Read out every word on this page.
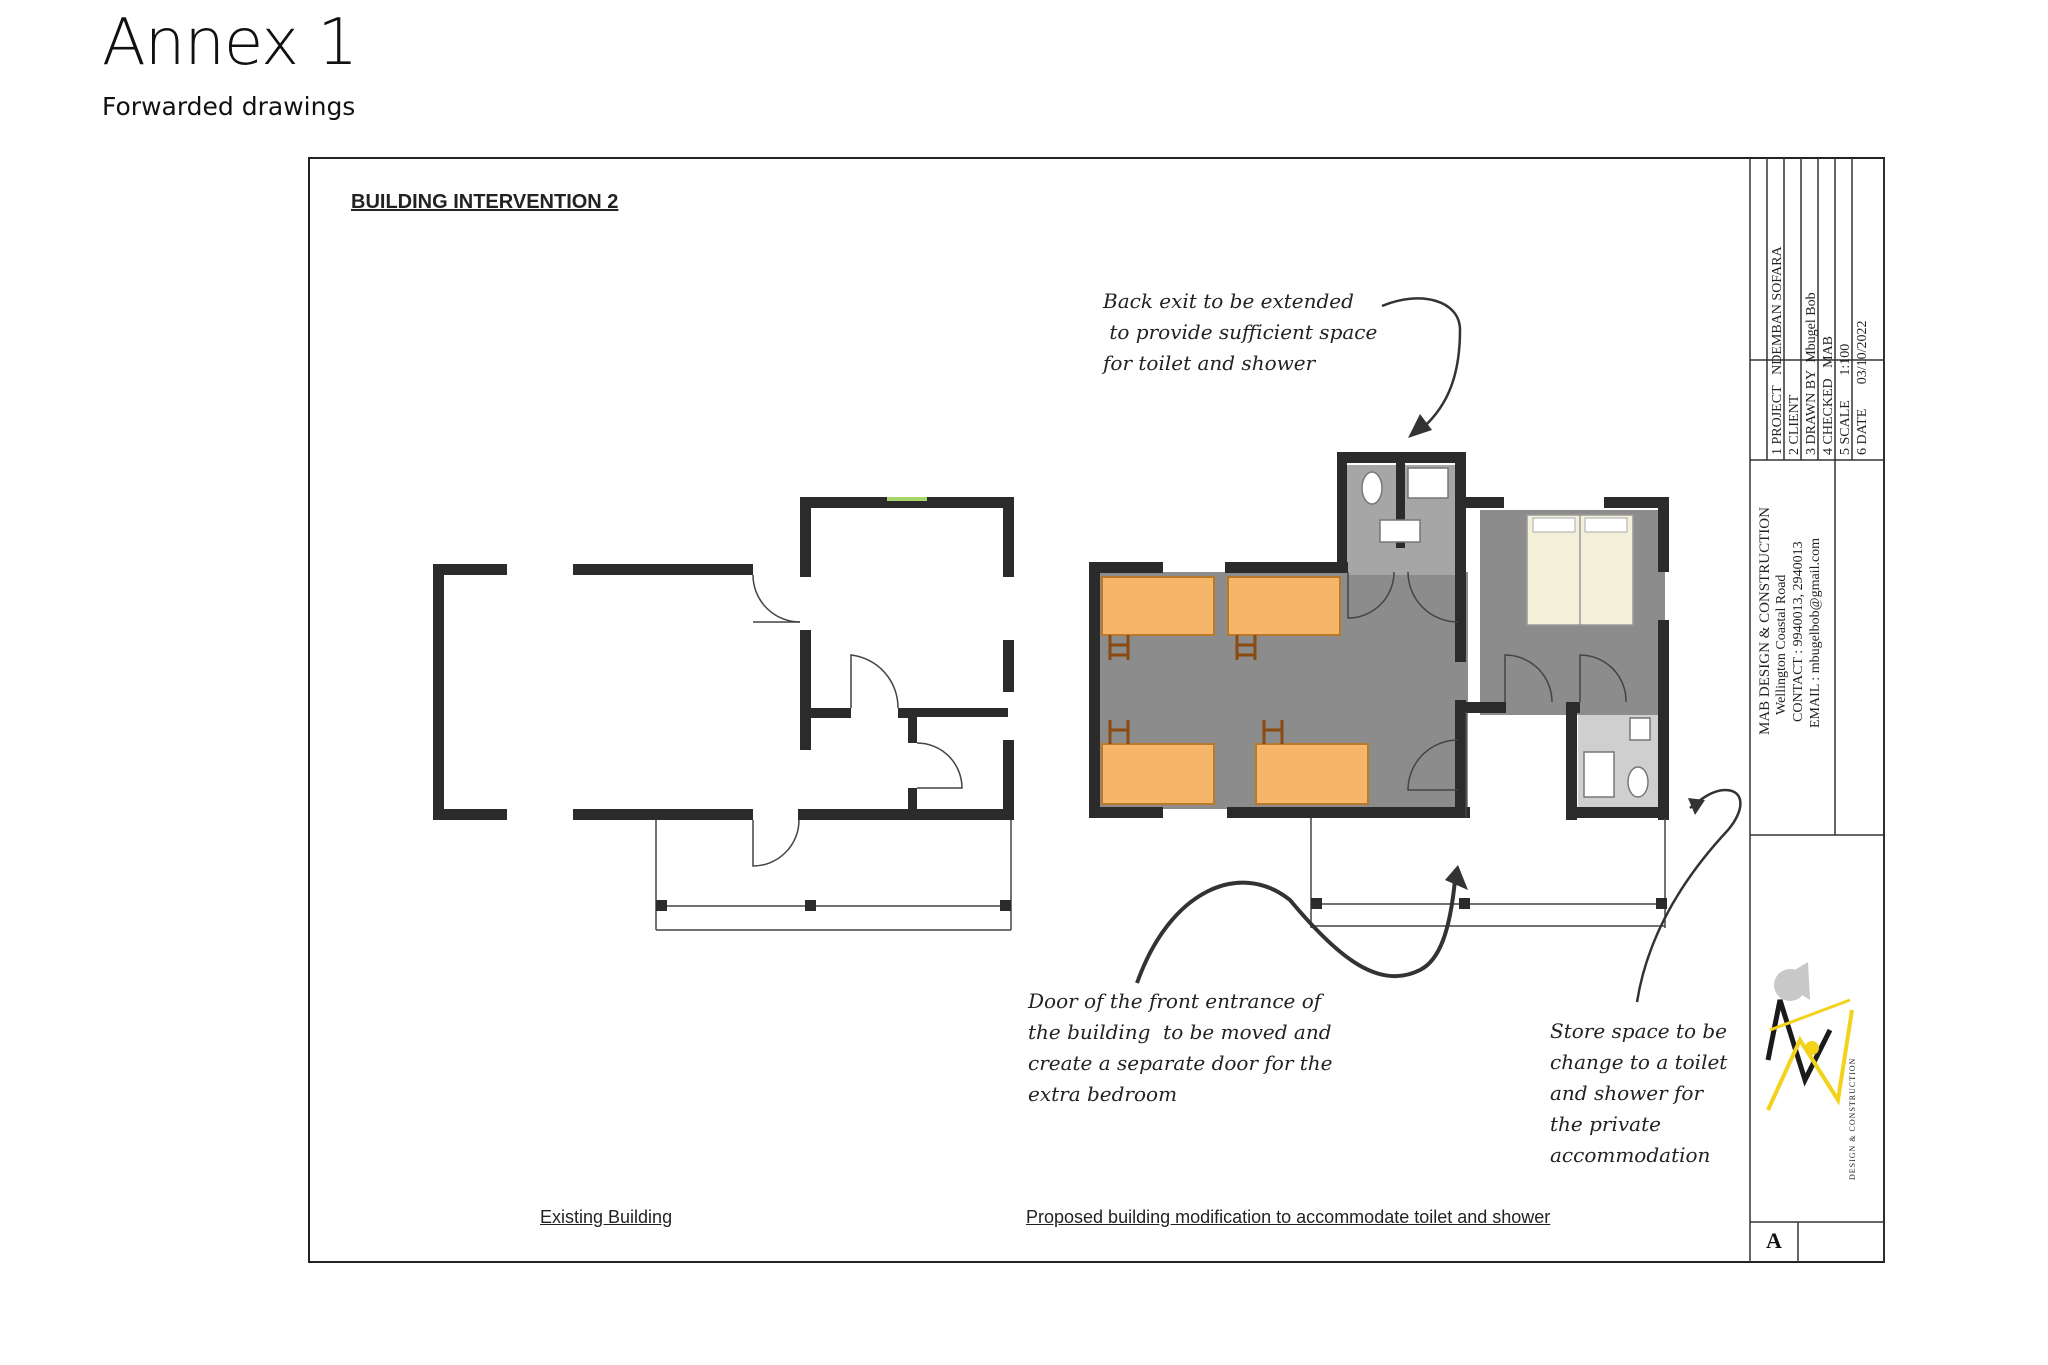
Annex 1
Forwarded drawings
BUILDING INTERVENTION 2
Existing Building	Proposed building modification to accommodate toilet and shower
Back exit to be extended
to provide sufficient space
for toilet and shower
Door of the front entrance of
the building  to be moved and
create a separate door for the
extra bedroom
Store space to be
change to a toilet
and shower for
the private
accommodation
1 PROJECT   NDEMBAN SOFARA
2 CLIENT
3 DRAWN BY  Mbugel Bob
4 CHECKED   MAB
5 SCALE       1:100
6 DATE       03/10/2022
MAB DESIGN & CONSTRUCTION Wellington Coastal Road CONTACT : 9940013, 2940013 EMAIL : mbugelbob@gmail.com
DESIGN & CONSTRUCTION
A
